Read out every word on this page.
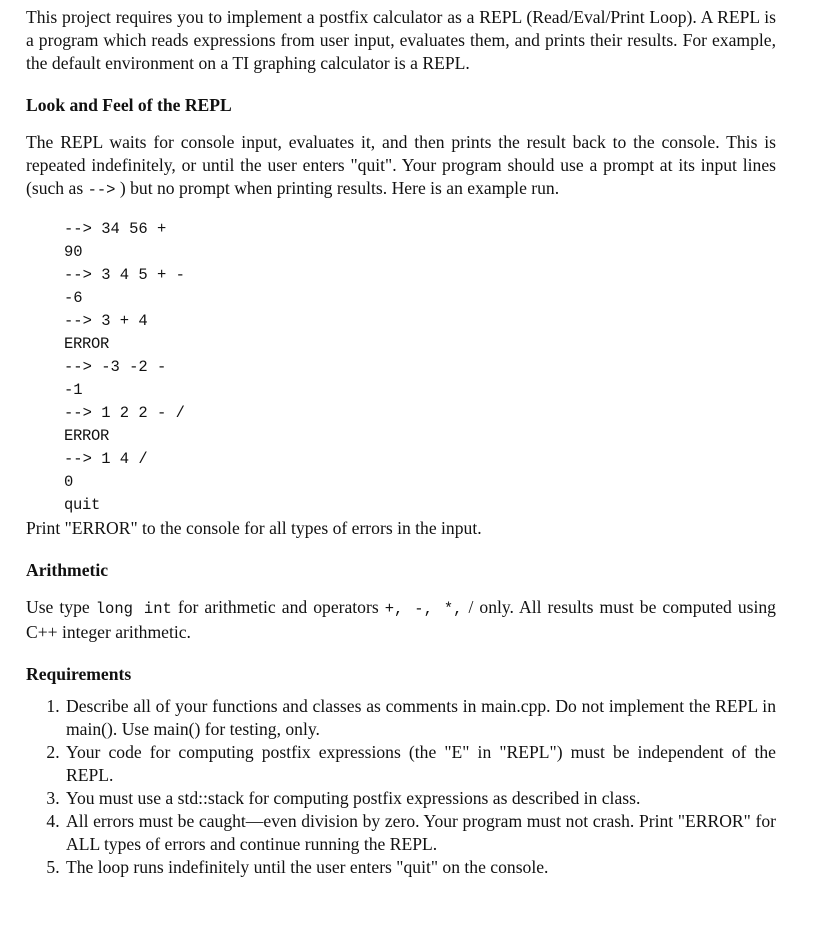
This project requires you to implement a postfix calculator as a REPL (Read/Eval/Print Loop). A REPL is a program which reads expressions from user input, evaluates them, and prints their results. For example, the default environment on a TI graphing calculator is a REPL.

Look and Feel of the REPL

The REPL waits for console input, evaluates it, and then prints the result back to the console. This is repeated indefinitely, or until the user enters "quit". Your program should use a prompt at its input lines (such as --> ) but no prompt when printing results. Here is an example run.

--> 34 56 +
90
--> 3 4 5 + -
-6
--> 3 + 4
ERROR
--> -3 -2 -
-1
--> 1 2 2 - /
ERROR
--> 1 4 /
0
quit

Print "ERROR" to the console for all types of errors in the input.

Arithmetic

Use type long int for arithmetic and operators +, -, *, / only. All results must be computed using C++ integer arithmetic.

Requirements
1. Describe all of your functions and classes as comments in main.cpp. Do not implement the REPL in main(). Use main() for testing, only.
2. Your code for computing postfix expressions (the "E" in "REPL") must be independent of the REPL.
3. You must use a std::stack for computing postfix expressions as described in class.
4. All errors must be caught—even division by zero. Your program must not crash. Print "ERROR" for ALL types of errors and continue running the REPL.
5. The loop runs indefinitely until the user enters "quit" on the console.
